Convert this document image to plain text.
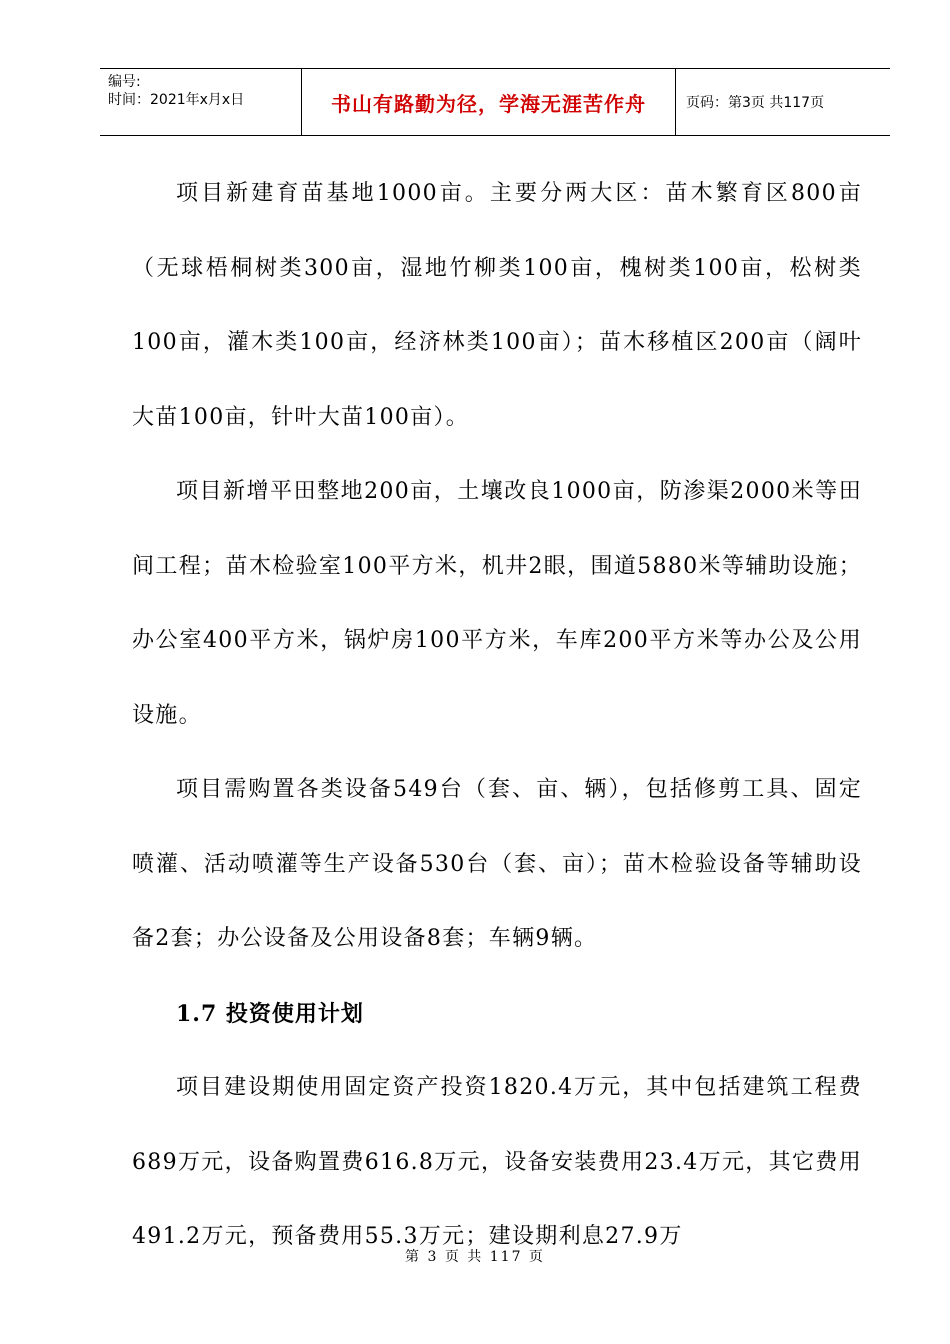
编号:
时间：2021年x月x日	书山有路勤为径，学海无涯苦作舟	页码：第3页 共117页

项目新建育苗基地1000亩。主要分两大区：苗木繁育区800亩（无球梧桐树类300亩，湿地竹柳类100亩，槐树类100亩，松树类100亩，灌木类100亩，经济林类100亩）；苗木移植区200亩（阔叶大苗100亩，针叶大苗100亩）。

项目新增平田整地200亩，土壤改良1000亩，防渗渠2000米等田间工程；苗木检验室100平方米，机井2眼，围道5880米等辅助设施；办公室400平方米，锅炉房100平方米，车库200平方米等办公及公用设施。

项目需购置各类设备549台（套、亩、辆），包括修剪工具、固定喷灌、活动喷灌等生产设备530台（套、亩）；苗木检验设备等辅助设备2套；办公设备及公用设备8套；车辆9辆。

1.7 投资使用计划

项目建设期使用固定资产投资1820.4万元，其中包括建筑工程费689万元，设备购置费616.8万元，设备安装费用23.4万元，其它费用491.2万元，预备费用55.3万元；建设期利息27.9万

第 3 页 共 117 页
